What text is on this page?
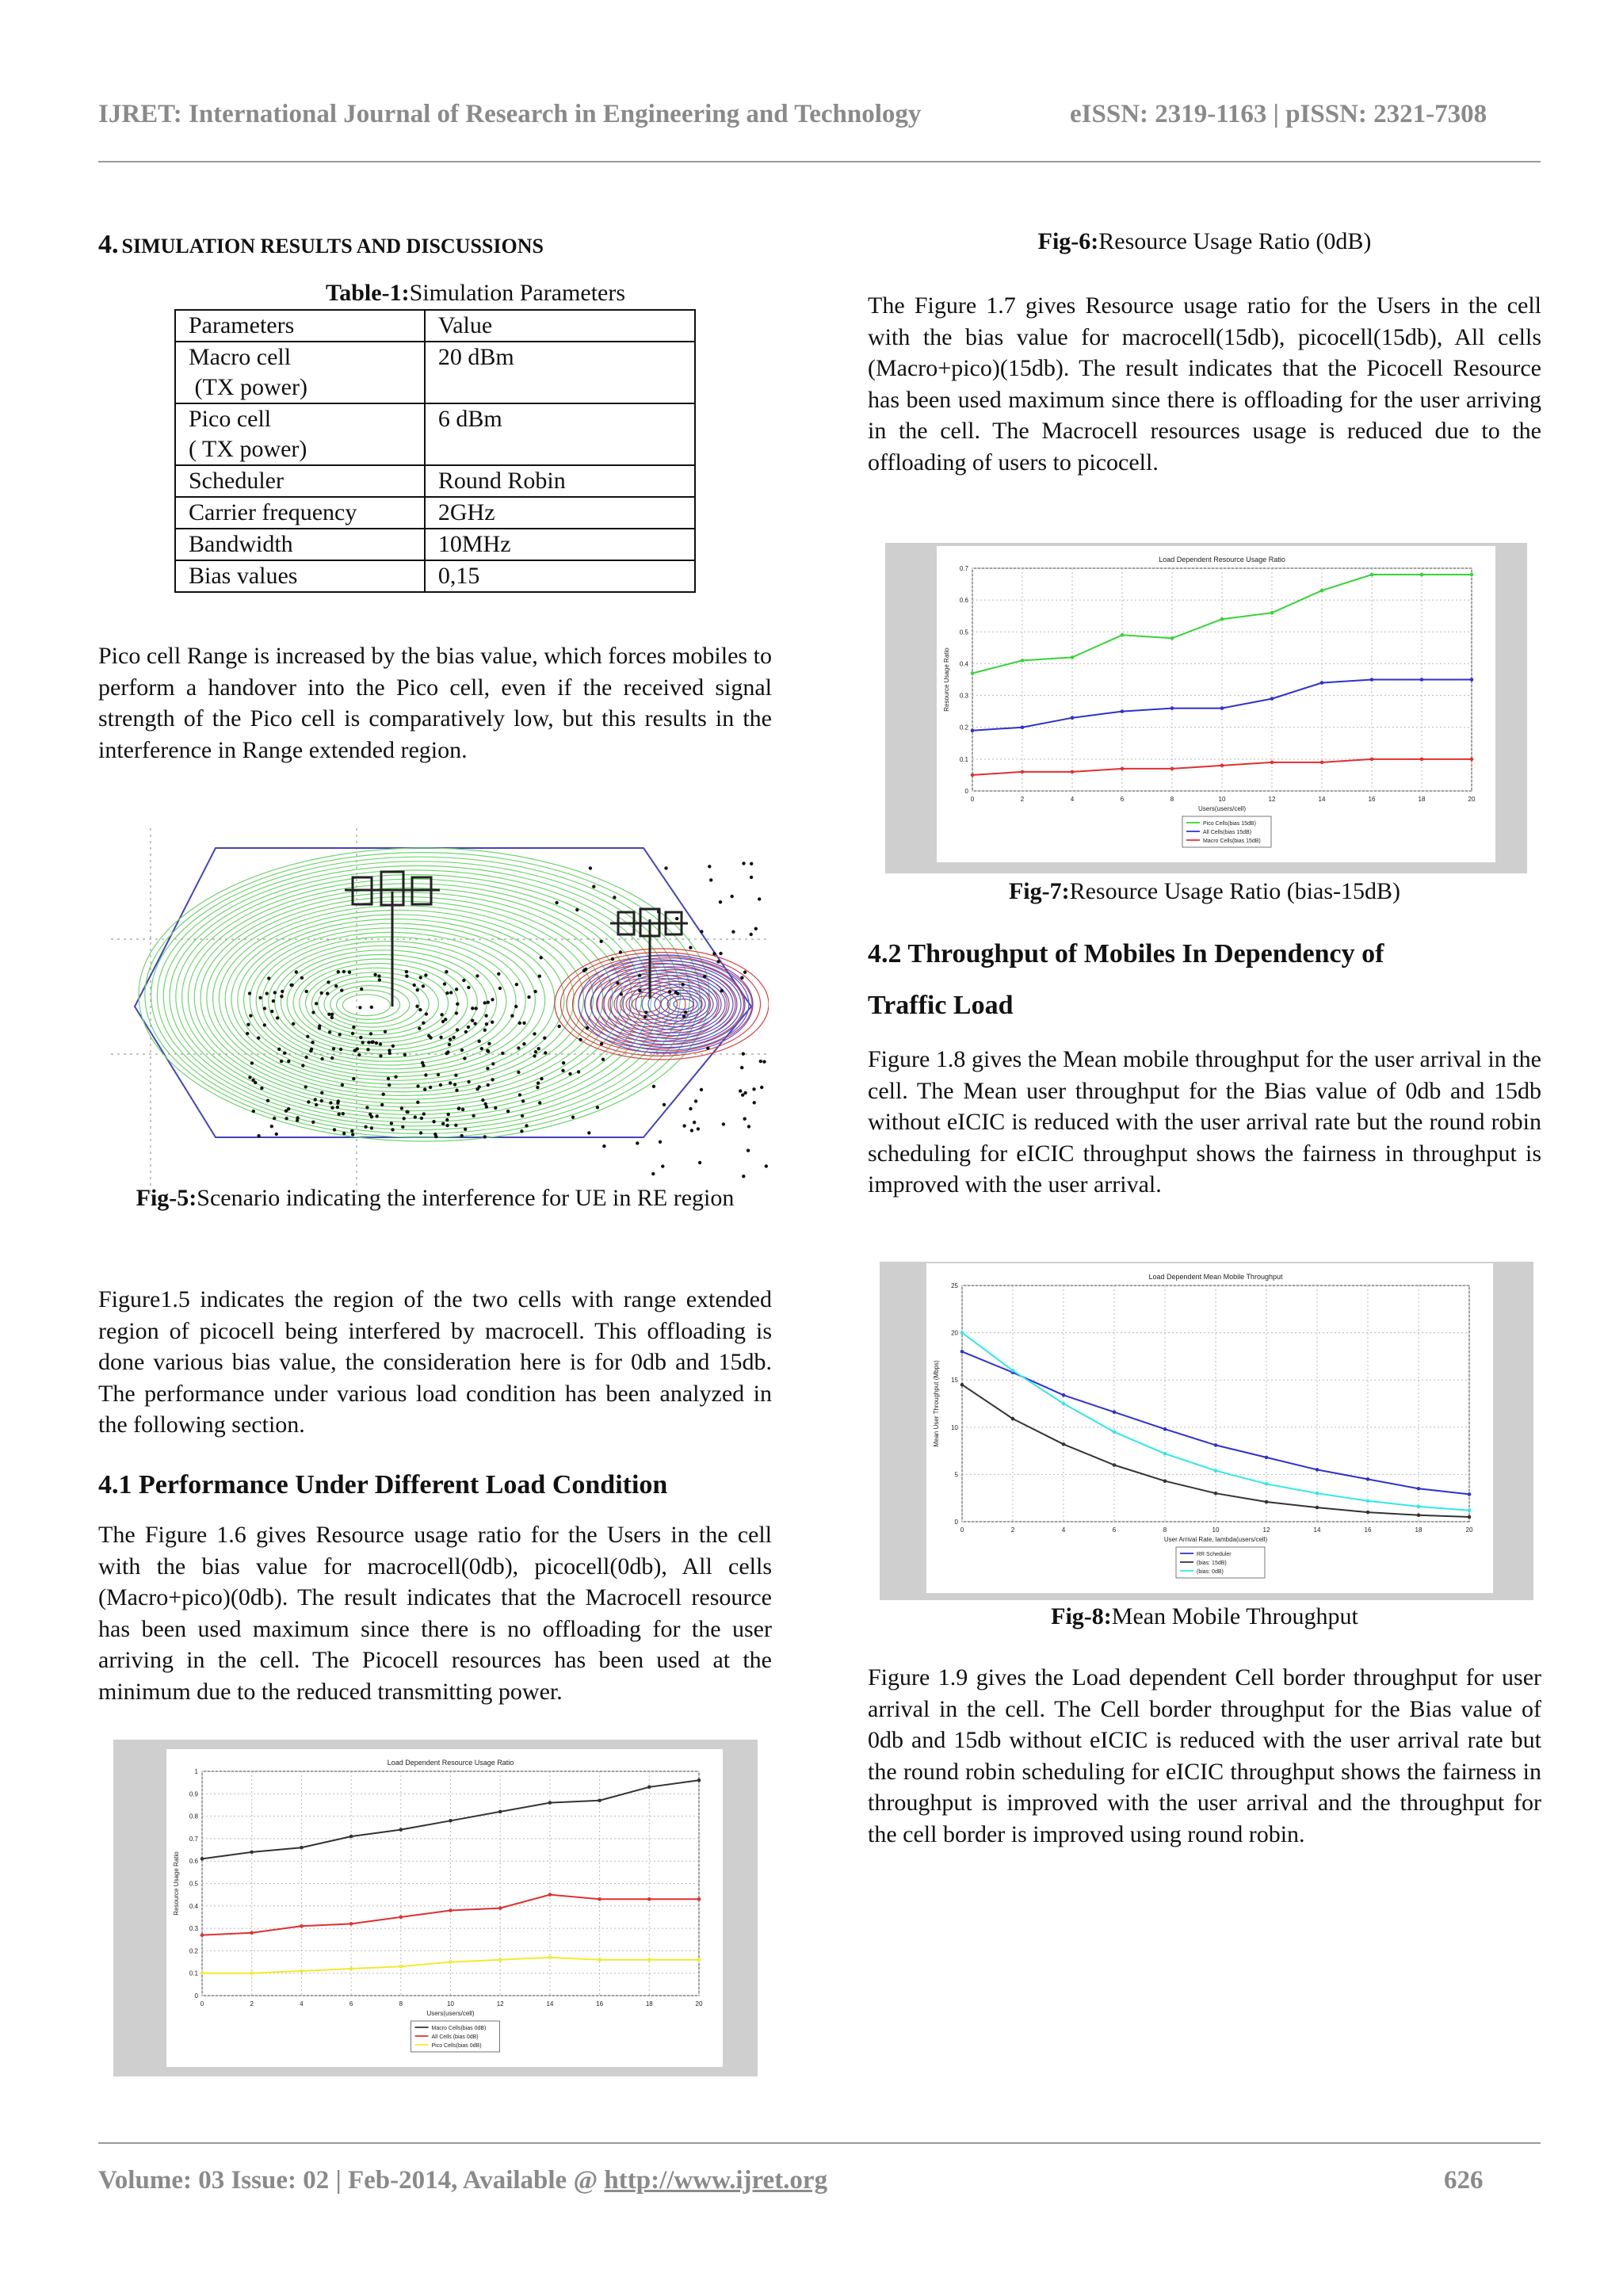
IJRET: International Journal of Research in Engineering and Technology	eISSN: 2319-1163 | pISSN: 2321-7308
4. SIMULATION RESULTS AND DISCUSSIONS
Table-1:Simulation Parameters
Parameters	Value
Macro cell
(TX power)	20 dBm
Pico cell
( TX power)	6 dBm
Scheduler	Round Robin
Carrier frequency	2GHz
Bandwidth	10MHz
Bias values	0,15

Pico cell Range is increased by the bias value, which forces mobiles to perform a handover into the Pico cell, even if the received signal strength of the Pico cell is comparatively low, but this results in the interference in Range extended region.

Fig-5:Scenario indicating the interference for UE in RE region

Figure1.5 indicates the region of the two cells with range extended region of picocell being interfered by macrocell. This offloading is done various bias value, the consideration here is for 0db and 15db. The performance under various load condition has been analyzed in the following section.

4.1 Performance Under Different Load Condition

The Figure 1.6 gives Resource usage ratio for the Users in the cell with the bias value for macrocell(0db), picocell(0db), All cells (Macro+pico)(0db). The result indicates that the Macrocell resource has been used maximum since there is no offloading for the user arriving in the cell. The Picocell resources has been used at the minimum due to the reduced transmitting power.

0	2	4	6	8	10	12	14	16	18	20
0
0.1
0.2
0.3
0.4
0.5
0.6
0.7
0.8
0.9
1
Load Dependent Resource Usage Ratio
Users(users/cell)
Resource Usage Ratio
Macro Cells(bias 0dB)
All Cells (bias 0dB)
Pico Cells(bias 0dB)
Fig-6:Resource Usage Ratio (0dB)

The Figure 1.7 gives Resource usage ratio for the Users in the cell with the bias value for macrocell(15db), picocell(15db), All cells (Macro+pico)(15db). The result indicates that the Picocell Resource has been used maximum since there is offloading for the user arriving in the cell. The Macrocell resources usage is reduced due to the offloading of users to picocell.

0	2	4	6	8	10	12	14	16	18	20
0
0.1
0.2
0.3
0.4
0.5
0.6
0.7
Load Dependent Resource Usage Ratio
Users(users/cell)
Resource Usage Ratio
Pico Cells(bias 15dB)
All Cells(bias 15dB)
Macro Cells(bias 15dB)
Fig-7:Resource Usage Ratio (bias-15dB)
4.2 Throughput of Mobiles In Dependency of
Traffic Load

Figure 1.8 gives the Mean mobile throughput for the user arrival in the cell. The Mean user throughput for the Bias value of 0db and 15db without eICIC is reduced with the user arrival rate but the round robin scheduling for eICIC throughput shows the fairness in throughput is improved with the user arrival.

0	2	4	6	8	10	12	14	16	18	20
0
5
10
15
20
25
Load Dependent Mean Mobile Throughput
User Arrival Rate, lambda(users/cell)
Mean User Throughput (Mbps)
RR Scheduler
(bias: 15dB)
(bias: 0dB)
Fig-8:Mean Mobile Throughput

Figure 1.9 gives the Load dependent Cell border throughput for user arrival in the cell. The Cell border throughput for the Bias value of 0db and 15db without eICIC is reduced with the user arrival rate but the round robin scheduling for eICIC throughput shows the fairness in throughput is improved with the user arrival and the throughput for the cell border is improved using round robin.

Volume: 03 Issue: 02 | Feb-2014, Available @ http://www.ijret.org	626
